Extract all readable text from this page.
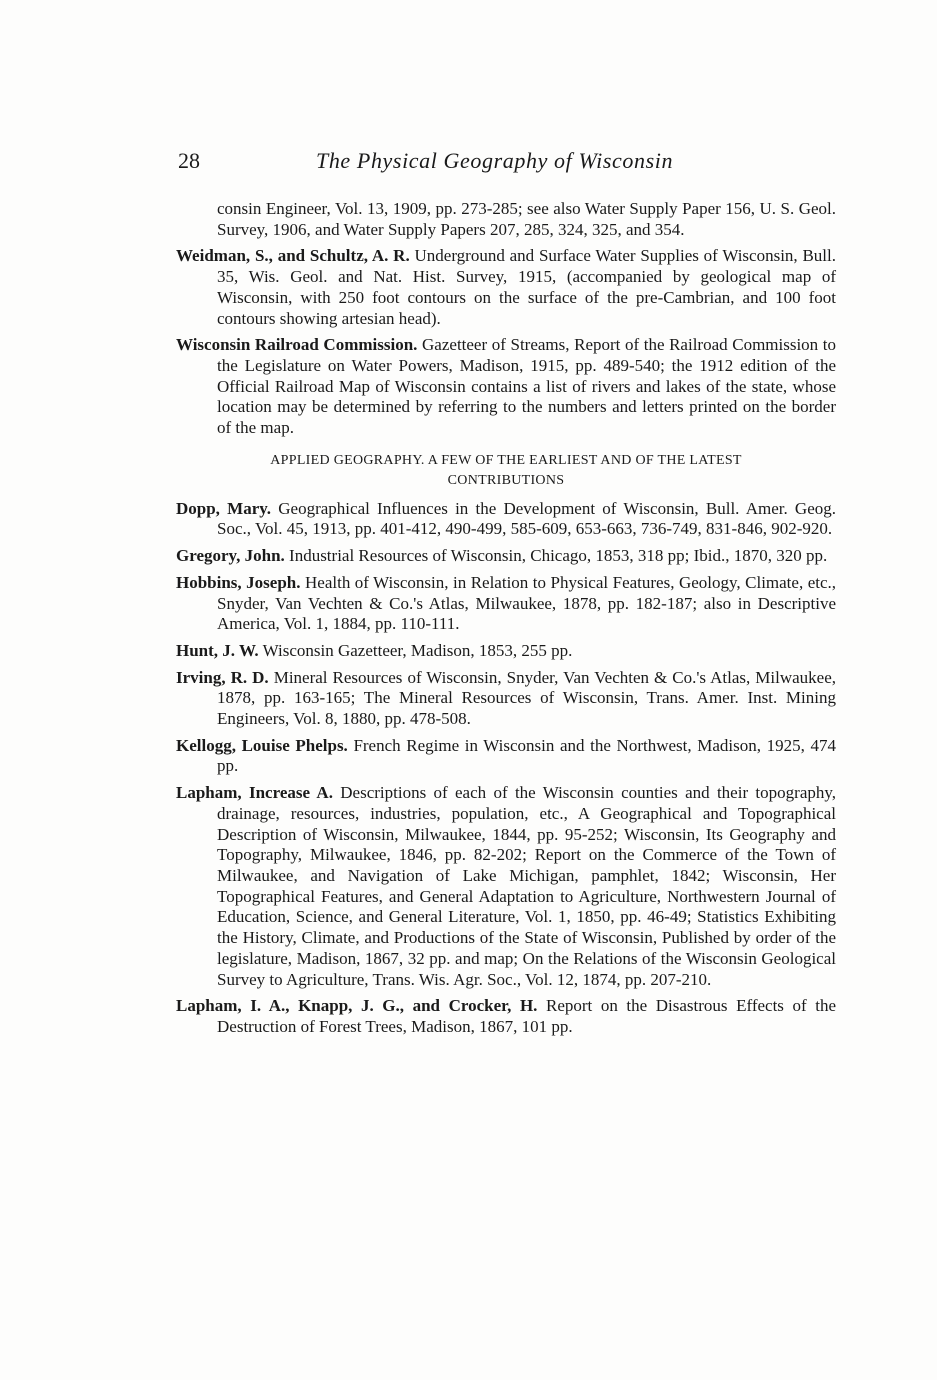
28	The Physical Geography of Wisconsin

consin Engineer, Vol. 13, 1909, pp. 273-285; see also Water Supply Paper 156, U. S. Geol. Survey, 1906, and Water Supply Papers 207, 285, 324, 325, and 354.

Weidman, S., and Schultz, A. R. Underground and Surface Water Supplies of Wisconsin, Bull. 35, Wis. Geol. and Nat. Hist. Survey, 1915, (accompanied by geological map of Wisconsin, with 250 foot contours on the surface of the pre-Cambrian, and 100 foot contours showing artesian head).

Wisconsin Railroad Commission. Gazetteer of Streams, Report of the Railroad Commission to the Legislature on Water Powers, Madison, 1915, pp. 489-540; the 1912 edition of the Official Railroad Map of Wisconsin contains a list of rivers and lakes of the state, whose location may be determined by referring to the numbers and letters printed on the border of the map.

APPLIED GEOGRAPHY. A FEW OF THE EARLIEST AND OF THE LATEST
CONTRIBUTIONS

Dopp, Mary. Geographical Influences in the Development of Wisconsin, Bull. Amer. Geog. Soc., Vol. 45, 1913, pp. 401-412, 490-499, 585-609, 653-663, 736-749, 831-846, 902-920.

Gregory, John. Industrial Resources of Wisconsin, Chicago, 1853, 318 pp; Ibid., 1870, 320 pp.

Hobbins, Joseph. Health of Wisconsin, in Relation to Physical Features, Geology, Climate, etc., Snyder, Van Vechten & Co.'s Atlas, Milwaukee, 1878, pp. 182-187; also in Descriptive America, Vol. 1, 1884, pp. 110-111.

Hunt, J. W. Wisconsin Gazetteer, Madison, 1853, 255 pp.

Irving, R. D. Mineral Resources of Wisconsin, Snyder, Van Vechten & Co.'s Atlas, Milwaukee, 1878, pp. 163-165; The Mineral Resources of Wisconsin, Trans. Amer. Inst. Mining Engineers, Vol. 8, 1880, pp. 478-508.

Kellogg, Louise Phelps. French Regime in Wisconsin and the Northwest, Madison, 1925, 474 pp.

Lapham, Increase A. Descriptions of each of the Wisconsin counties and their topography, drainage, resources, industries, population, etc., A Geographical and Topographical Description of Wisconsin, Milwaukee, 1844, pp. 95-252; Wisconsin, Its Geography and Topography, Milwaukee, 1846, pp. 82-202; Report on the Commerce of the Town of Milwaukee, and Navigation of Lake Michigan, pamphlet, 1842; Wisconsin, Her Topographical Features, and General Adaptation to Agriculture, Northwestern Journal of Education, Science, and General Literature, Vol. 1, 1850, pp. 46-49; Statistics Exhibiting the History, Climate, and Productions of the State of Wisconsin, Published by order of the legislature, Madison, 1867, 32 pp. and map; On the Relations of the Wisconsin Geological Survey to Agriculture, Trans. Wis. Agr. Soc., Vol. 12, 1874, pp. 207-210.

Lapham, I. A., Knapp, J. G., and Crocker, H. Report on the Disastrous Effects of the Destruction of Forest Trees, Madison, 1867, 101 pp.
